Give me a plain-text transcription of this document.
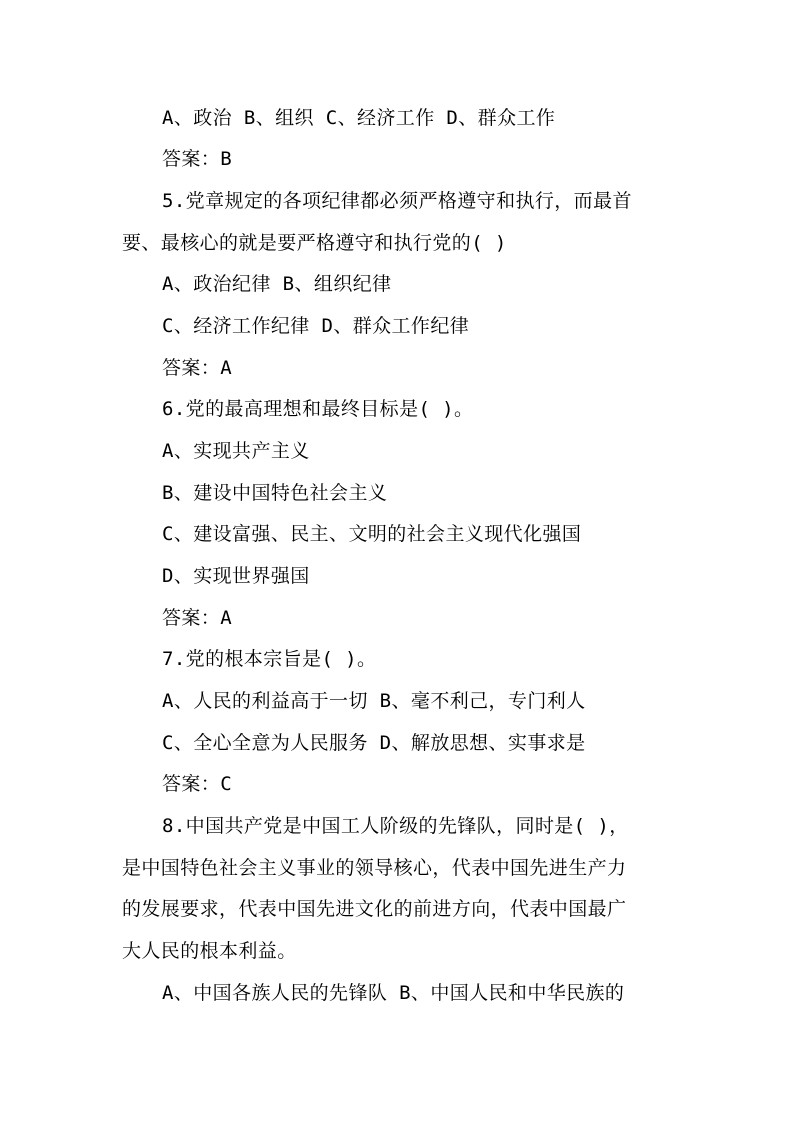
A、政治 B、组织 C、经济工作 D、群众工作
答案：B
5.党章规定的各项纪律都必须严格遵守和执行，而最首
要、最核心的就是要严格遵守和执行党的( )
A、政治纪律 B、组织纪律
C、经济工作纪律 D、群众工作纪律
答案：A
6.党的最高理想和最终目标是( )。
A、实现共产主义
B、建设中国特色社会主义
C、建设富强、民主、文明的社会主义现代化强国
D、实现世界强国
答案：A
7.党的根本宗旨是( )。
A、人民的利益高于一切 B、毫不利己，专门利人
C、全心全意为人民服务 D、解放思想、实事求是
答案：C
8.中国共产党是中国工人阶级的先锋队，同时是( )，
是中国特色社会主义事业的领导核心，代表中国先进生产力
的发展要求，代表中国先进文化的前进方向，代表中国最广
大人民的根本利益。
A、中国各族人民的先锋队 B、中国人民和中华民族的
